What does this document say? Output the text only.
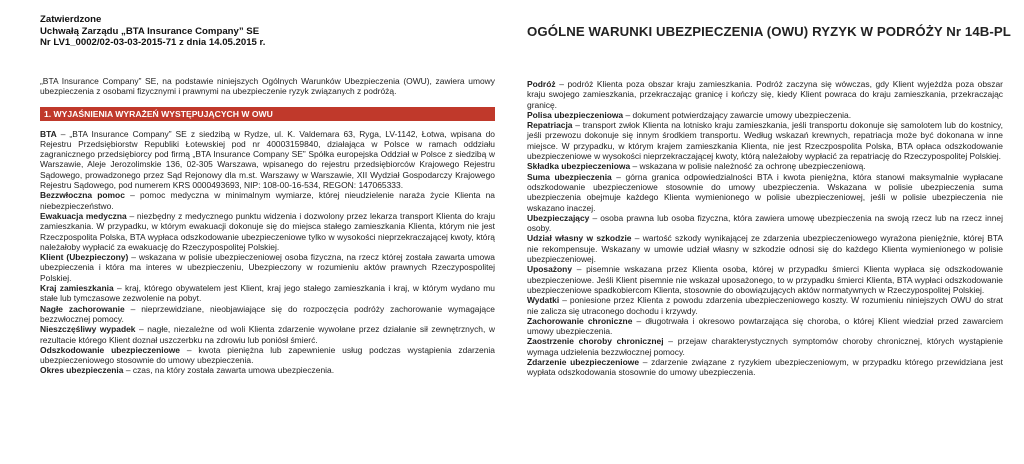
Zatwierdzone
Uchwałą Zarządu „BTA Insurance Company” SE
Nr LV1_0002/02-03-03-2015-71 z dnia 14.05.2015 r.
OGÓLNE WARUNKI UBEZPIECZENIA (OWU) RYZYK W PODRÓŻY Nr 14B-PL

„BTA Insurance Company” SE, na podstawie niniejszych Ogólnych Warunków Ubezpieczenia (OWU), zawiera umowy ubezpieczenia z osobami fizycznymi i prawnymi na ubezpieczenie ryzyk związanych z podróżą.

1. WYJAŚNIENIA WYRAŻEŃ WYSTĘPUJĄCYCH W OWU

BTA – „BTA Insurance Company” SE z siedzibą w Rydze, ul. K. Valdemara 63, Ryga, LV-1142, Łotwa, wpisana do Rejestru Przedsiębiorstw Republiki Łotewskiej pod nr 40003159840, działająca w Polsce w ramach oddziału zagranicznego przedsiębiorcy pod firmą „BTA Insurance Company SE” Spółka europejska Oddział w Polsce z siedzibą w Warszawie, Aleje Jerozolimskie 136, 02-305 Warszawa, wpisanego do rejestru przedsiębiorców Krajowego Rejestru Sądowego, prowadzonego przez Sąd Rejonowy dla m.st. Warszawy w Warszawie, XII Wydział Gospodarczy Krajowego Rejestru Sądowego, pod numerem KRS 0000493693, NIP: 108-00-16-534, REGON: 147065333.

Bezzwłoczna pomoc – pomoc medyczna w minimalnym wymiarze, której nieudzielenie naraża życie Klienta na niebezpieczeństwo.

Ewakuacja medyczna – niezbędny z medycznego punktu widzenia i dozwolony przez lekarza transport Klienta do kraju zamieszkania. W przypadku, w którym ewakuacji dokonuje się do miejsca stałego zamieszkania Klienta, którym nie jest Rzeczpospolita Polska, BTA wypłaca odszkodowanie ubezpieczeniowe tylko w wysokości nieprzekraczającej kwoty, którą należałoby wypłacić za ewakuację do Rzeczypospolitej Polskiej.

Klient (Ubezpieczony) – wskazana w polisie ubezpieczeniowej osoba fizyczna, na rzecz której została zawarta umowa ubezpieczenia i która ma interes w ubezpieczeniu, Ubezpieczony w rozumieniu aktów prawnych Rzeczypospolitej Polskiej.

Kraj zamieszkania – kraj, którego obywatelem jest Klient, kraj jego stałego zamieszkania i kraj, w którym wydano mu stałe lub tymczasowe zezwolenie na pobyt.

Nagłe zachorowanie – nieprzewidziane, nieobjawiające się do rozpoczęcia podróży zachorowanie wymagające bezzwłocznej pomocy.

Nieszczęśliwy wypadek – nagłe, niezależne od woli Klienta zdarzenie wywołane przez działanie sił zewnętrznych, w rezultacie którego Klient doznał uszczerbku na zdrowiu lub poniósł śmierć.

Odszkodowanie ubezpieczeniowe – kwota pieniężna lub zapewnienie usług podczas wystąpienia zdarzenia ubezpieczeniowego stosownie do umowy ubezpieczenia.

Okres ubezpieczenia – czas, na który została zawarta umowa ubezpieczenia.

Podróż – podróż Klienta poza obszar kraju zamieszkania. Podróż zaczyna się wówczas, gdy Klient wyjeżdża poza obszar kraju swojego zamieszkania, przekraczając granicę i kończy się, kiedy Klient powraca do kraju zamieszkania, przekraczając granicę.

Polisa ubezpieczeniowa – dokument potwierdzający zawarcie umowy ubezpieczenia.

Repatriacja – transport zwłok Klienta na lotnisko kraju zamieszkania, jeśli transportu dokonuje się samolotem lub do kostnicy, jeśli przewozu dokonuje się innym środkiem transportu. Według wskazań krewnych, repatriacja może być dokonana w inne miejsce. W przypadku, w którym krajem zamieszkania Klienta, nie jest Rzeczpospolita Polska, BTA opłaca odszkodowanie ubezpieczeniowe w wysokości nieprzekraczającej kwoty, którą należałoby wypłacić za repatriację do Rzeczypospolitej Polskiej.

Składka ubezpieczeniowa – wskazana w polisie należność za ochronę ubezpieczeniową.

Suma ubezpieczenia – górna granica odpowiedzialności BTA i kwota pieniężna, która stanowi maksymalnie wypłacane odszkodowanie ubezpieczeniowe stosownie do umowy ubezpieczenia. Wskazana w polisie ubezpieczenia suma ubezpieczenia obejmuje każdego Klienta wymienionego w polisie ubezpieczeniowej, jeśli w polisie ubezpieczenia nie wskazano inaczej.

Ubezpieczający – osoba prawna lub osoba fizyczna, która zawiera umowę ubezpieczenia na swoją rzecz lub na rzecz innej osoby.

Udział własny w szkodzie – wartość szkody wynikającej ze zdarzenia ubezpieczeniowego wyrażona pieniężnie, której BTA nie rekompensuje. Wskazany w umowie udział własny w szkodzie odnosi się do każdego Klienta wymienionego w polisie ubezpieczeniowej.

Uposażony – pisemnie wskazana przez Klienta osoba, której w przypadku śmierci Klienta wypłaca się odszkodowanie ubezpieczeniowe. Jeśli Klient pisemnie nie wskazał uposażonego, to w przypadku śmierci Klienta, BTA wypłaci odszkodowanie ubezpieczeniowe spadkobiercom Klienta, stosownie do obowiązujących aktów normatywnych w Rzeczypospolitej Polskiej.

Wydatki – poniesione przez Klienta z powodu zdarzenia ubezpieczeniowego koszty. W rozumieniu niniejszych OWU do strat nie zalicza się utraconego dochodu i krzywdy.

Zachorowanie chroniczne – długotrwała i okresowo powtarzająca się choroba, o której Klient wiedział przed zawarciem umowy ubezpieczenia.

Zaostrzenie choroby chronicznej – przejaw charakterystycznych symptomów choroby chronicznej, których wystąpienie wymaga udzielenia bezzwłocznej pomocy.

Zdarzenie ubezpieczeniowe – zdarzenie związane z ryzykiem ubezpieczeniowym, w przypadku którego przewidziana jest wypłata odszkodowania stosownie do umowy ubezpieczenia.
